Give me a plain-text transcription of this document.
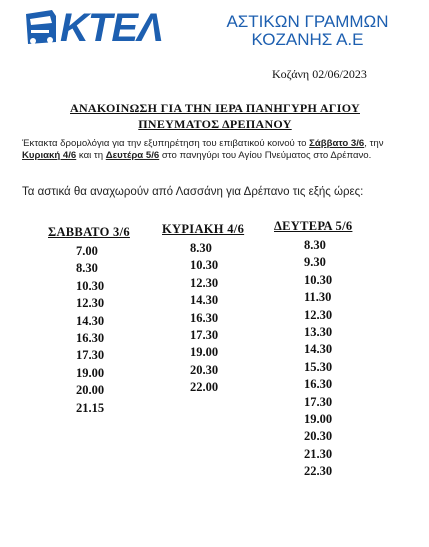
ΚΤΕΛ	ΑΣΤΙΚΩΝ ΓΡΑΜΜΩΝ
ΚΟΖΑΝΗΣ Α.Ε
Κοζάνη 02/06/2023
ΑΝΑΚΟΙΝΩΣΗ ΓΙΑ ΤΗΝ ΙΕΡΑ ΠΑΝΗΓΥΡΗ ΑΓΙΟΥ
ΠΝΕΥΜΑΤΟΣ ΔΡΕΠΑΝΟΥ
Έκτακτα δρομολόγια για την εξυπηρέτηση του επιβατικού κοινού το Σάββατο 3/6, την Κυριακή 4/6 και τη Δευτέρα 5/6 στο πανηγύρι του Αγίου Πνεύματος στο Δρέπανο.
Τα αστικά θα αναχωρούν από Λασσάνη για Δρέπανο τις εξής ώρες:
ΣΑΒΒΑΤΟ 3/6
7.00
8.30
10.30
12.30
14.30
16.30
17.30
19.00
20.00
21.15
ΚΥΡΙΑΚΗ 4/6
8.30
10.30
12.30
14.30
16.30
17.30
19.00
20.30
22.00
ΔΕΥΤΕΡΑ 5/6
8.30
9.30
10.30
11.30
12.30
13.30
14.30
15.30
16.30
17.30
19.00
20.30
21.30
22.30
